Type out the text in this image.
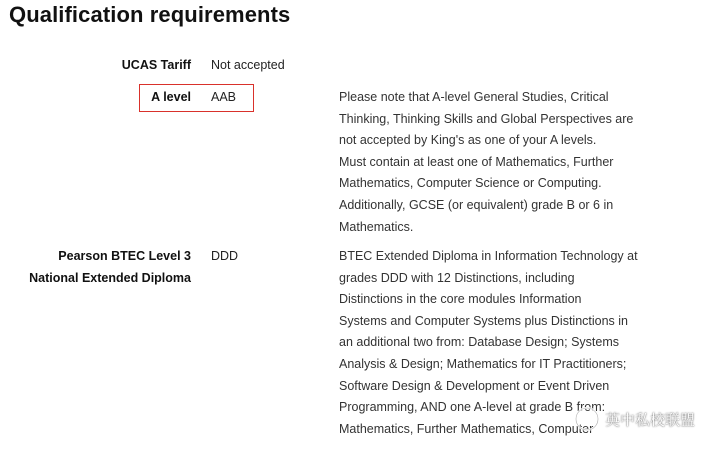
Qualification requirements
UCAS Tariff Not accepted
A level AAB	Please note that A-level General Studies, Critical
Thinking, Thinking Skills and Global Perspectives are
not accepted by King's as one of your A levels.
Must contain at least one of Mathematics, Further
Mathematics, Computer Science or Computing.
Additionally, GCSE (or equivalent) grade B or 6 in
Mathematics.
Pearson BTEC Level 3
National Extended Diploma
DDD	BTEC Extended Diploma in Information Technology at
grades DDD with 12 Distinctions, including
Distinctions in the core modules Information
Systems and Computer Systems plus Distinctions in
an additional two from: Database Design; Systems
Analysis & Design; Mathematics for IT Practitioners;
Software Design & Development or Event Driven
Programming, AND one A-level at grade B from:
Mathematics, Further Mathematics, Computer
英中私校联盟
